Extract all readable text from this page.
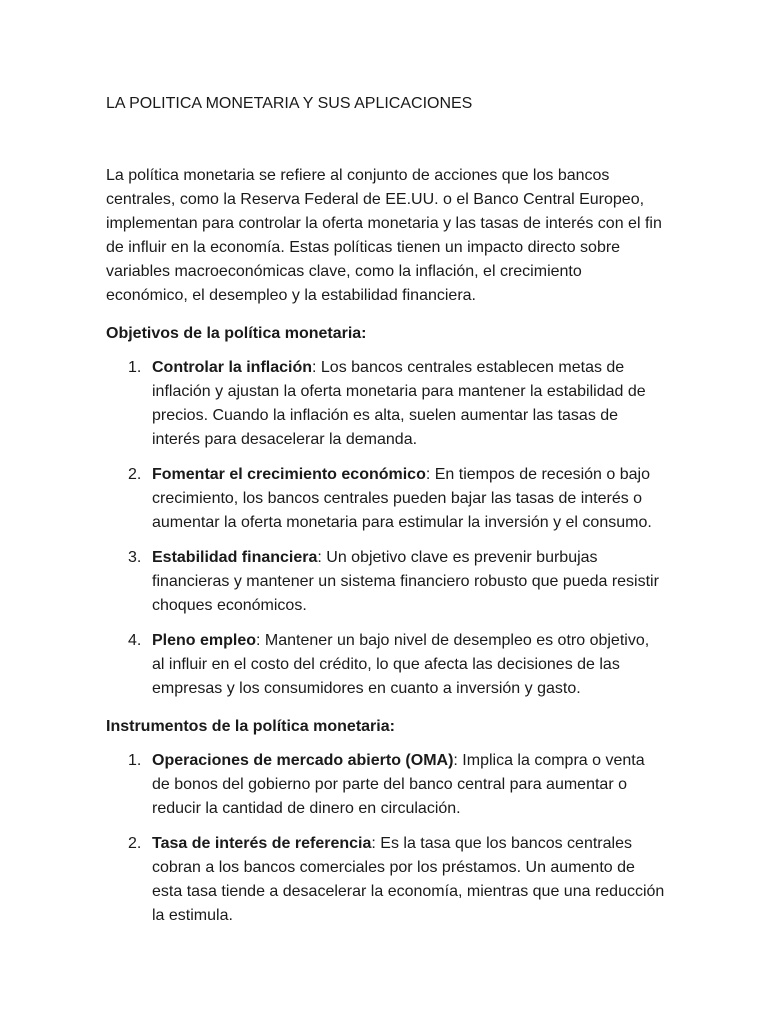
LA POLITICA MONETARIA Y SUS APLICACIONES

La política monetaria se refiere al conjunto de acciones que los bancos centrales, como la Reserva Federal de EE.UU. o el Banco Central Europeo, implementan para controlar la oferta monetaria y las tasas de interés con el fin de influir en la economía. Estas políticas tienen un impacto directo sobre variables macroeconómicas clave, como la inflación, el crecimiento económico, el desempleo y la estabilidad financiera.

Objetivos de la política monetaria:

1. Controlar la inflación: Los bancos centrales establecen metas de inflación y ajustan la oferta monetaria para mantener la estabilidad de precios. Cuando la inflación es alta, suelen aumentar las tasas de interés para desacelerar la demanda.
2. Fomentar el crecimiento económico: En tiempos de recesión o bajo crecimiento, los bancos centrales pueden bajar las tasas de interés o aumentar la oferta monetaria para estimular la inversión y el consumo.
3. Estabilidad financiera: Un objetivo clave es prevenir burbujas financieras y mantener un sistema financiero robusto que pueda resistir choques económicos.
4. Pleno empleo: Mantener un bajo nivel de desempleo es otro objetivo, al influir en el costo del crédito, lo que afecta las decisiones de las empresas y los consumidores en cuanto a inversión y gasto.

Instrumentos de la política monetaria:

1. Operaciones de mercado abierto (OMA): Implica la compra o venta de bonos del gobierno por parte del banco central para aumentar o reducir la cantidad de dinero en circulación.
2. Tasa de interés de referencia: Es la tasa que los bancos centrales cobran a los bancos comerciales por los préstamos. Un aumento de esta tasa tiende a desacelerar la economía, mientras que una reducción la estimula.
